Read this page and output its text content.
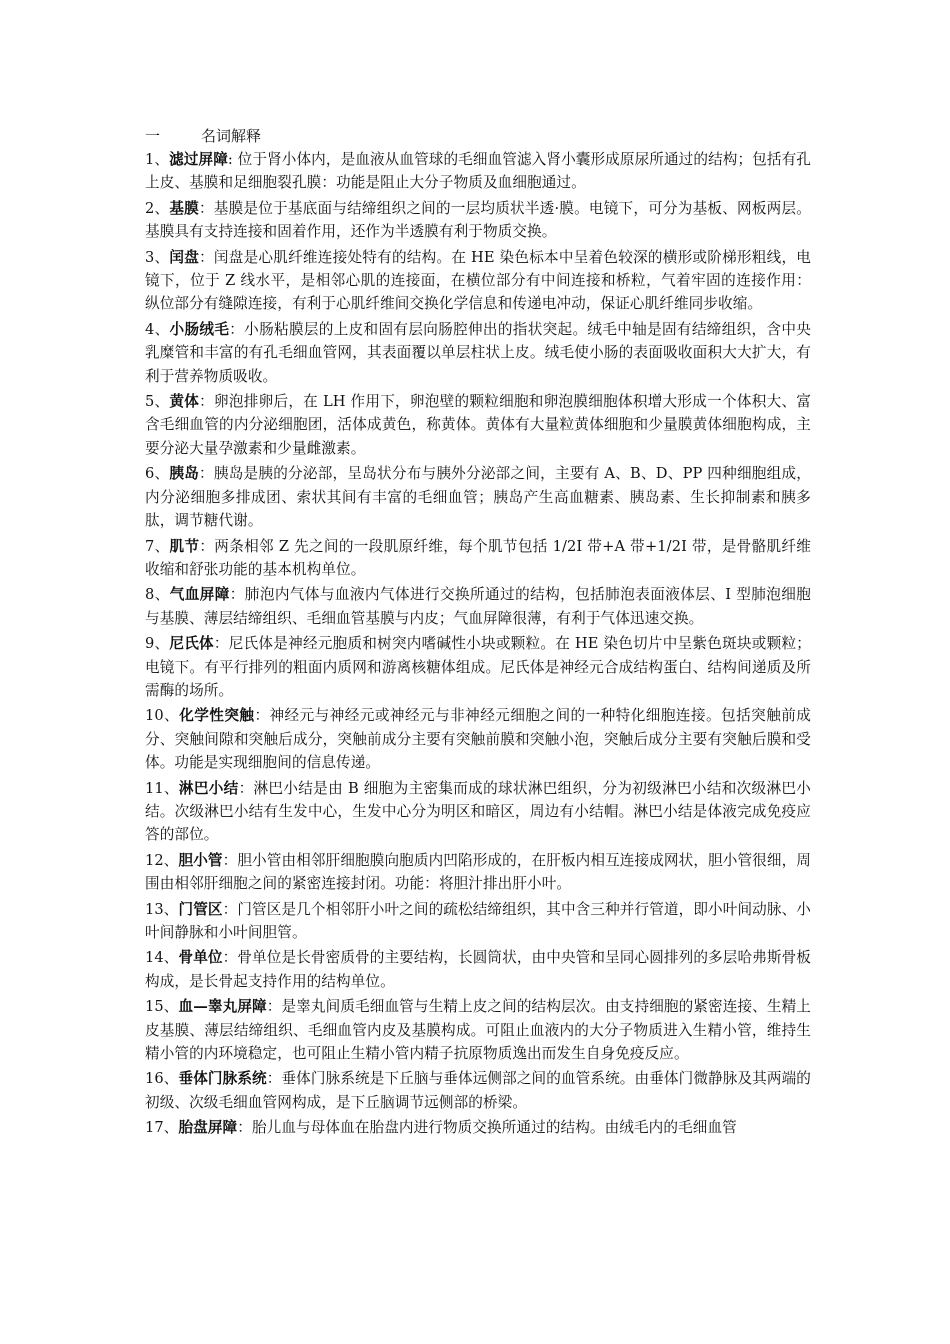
一	名词解释

1、滤过屏障: 位于肾小体内，是血液从血管球的毛细血管滤入肾小囊形成原尿所通过的结构；包括有孔上皮、基膜和足细胞裂孔膜：功能是阻止大分子物质及血细胞通过。

2、基膜：基膜是位于基底面与结缔组织之间的一层均质状半透·膜。电镜下，可分为基板、网板两层。基膜具有支持连接和固着作用，还作为半透膜有利于物质交换。

3、闰盘：闰盘是心肌纤维连接处特有的结构。在 HE 染色标本中呈着色较深的横形或阶梯形粗线，电镜下，位于 Z 线水平，是相邻心肌的连接面，在横位部分有中间连接和桥粒，气着牢固的连接作用：纵位部分有缝隙连接，有利于心肌纤维间交换化学信息和传递电冲动，保证心肌纤维同步收缩。

4、小肠绒毛：小肠粘膜层的上皮和固有层向肠腔伸出的指状突起。绒毛中轴是固有结缔组织，含中央乳糜管和丰富的有孔毛细血管网，其表面覆以单层柱状上皮。绒毛使小肠的表面吸收面积大大扩大，有利于营养物质吸收。

5、黄体：卵泡排卵后，在 LH 作用下，卵泡壁的颗粒细胞和卵泡膜细胞体积增大形成一个体积大、富含毛细血管的内分泌细胞团，活体成黄色，称黄体。黄体有大量粒黄体细胞和少量膜黄体细胞构成，主要分泌大量孕激素和少量雌激素。

6、胰岛：胰岛是胰的分泌部，呈岛状分布与胰外分泌部之间，主要有 A、B、D、PP 四种细胞组成，内分泌细胞多排成团、索状其间有丰富的毛细血管；胰岛产生高血糖素、胰岛素、生长抑制素和胰多肽，调节糖代谢。

7、肌节：两条相邻 Z 先之间的一段肌原纤维，每个肌节包括 1/2I 带+A 带+1/2I 带，是骨骼肌纤维收缩和舒张功能的基本机构单位。

8、气血屏障：肺泡内气体与血液内气体进行交换所通过的结构，包括肺泡表面液体层、I 型肺泡细胞与基膜、薄层结缔组织、毛细血管基膜与内皮；气血屏障很薄，有利于气体迅速交换。

9、尼氏体：尼氏体是神经元胞质和树突内嗜碱性小块或颗粒。在 HE 染色切片中呈紫色斑块或颗粒；电镜下。有平行排列的粗面内质网和游离核糖体组成。尼氏体是神经元合成结构蛋白、结构间递质及所需酶的场所。

10、化学性突触：神经元与神经元或神经元与非神经元细胞之间的一种特化细胞连接。包括突触前成分、突触间隙和突触后成分，突触前成分主要有突触前膜和突触小泡，突触后成分主要有突触后膜和受体。功能是实现细胞间的信息传递。

11、淋巴小结：淋巴小结是由 B 细胞为主密集而成的球状淋巴组织，分为初级淋巴小结和次级淋巴小结。次级淋巴小结有生发中心，生发中心分为明区和暗区，周边有小结帽。淋巴小结是体液完成免疫应答的部位。

12、胆小管：胆小管由相邻肝细胞膜向胞质内凹陷形成的，在肝板内相互连接成网状，胆小管很细，周围由相邻肝细胞之间的紧密连接封闭。功能：将胆汁排出肝小叶。

13、门管区：门管区是几个相邻肝小叶之间的疏松结缔组织，其中含三种并行管道，即小叶间动脉、小叶间静脉和小叶间胆管。

14、骨单位：骨单位是长骨密质骨的主要结构，长圆筒状，由中央管和呈同心圆排列的多层哈弗斯骨板构成，是长骨起支持作用的结构单位。

15、血—睾丸屏障：是睾丸间质毛细血管与生精上皮之间的结构层次。由支持细胞的紧密连接、生精上皮基膜、薄层结缔组织、毛细血管内皮及基膜构成。可阻止血液内的大分子物质进入生精小管，维持生精小管的内环境稳定，也可阻止生精小管内精子抗原物质逸出而发生自身免疫反应。

16、垂体门脉系统：垂体门脉系统是下丘脑与垂体远侧部之间的血管系统。由垂体门微静脉及其两端的初级、次级毛细血管网构成，是下丘脑调节远侧部的桥梁。

17、胎盘屏障：胎儿血与母体血在胎盘内进行物质交换所通过的结构。由绒毛内的毛细血管
